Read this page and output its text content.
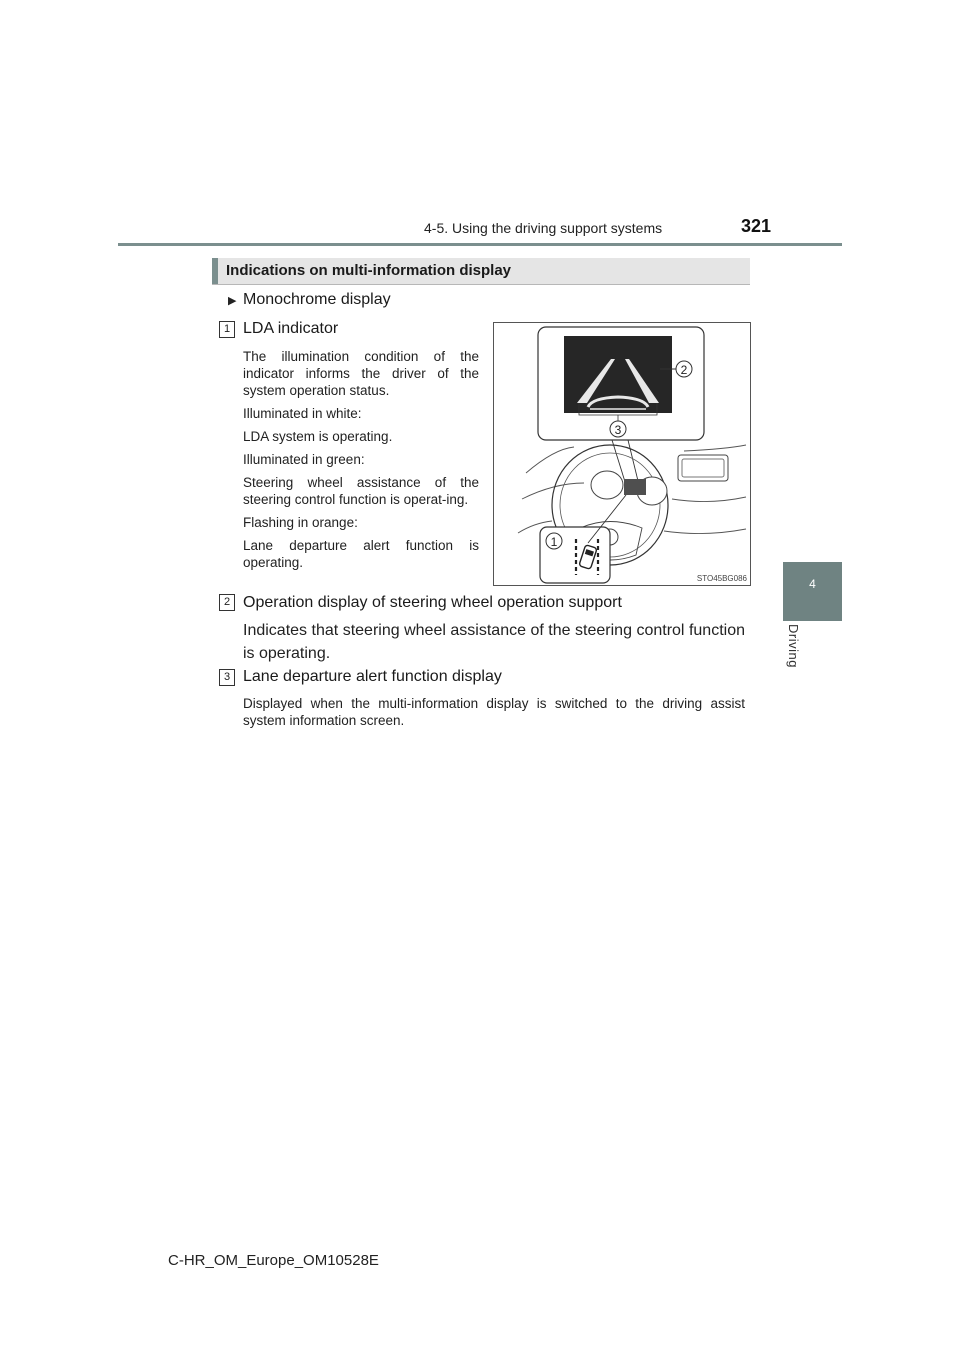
4-5. Using the driving support systems	321
4
Driving
Indications on multi-information display
▶ Monochrome display
1 LDA indicator

The illumination condition of the indicator informs the driver of the system operation status.

Illuminated in white:

LDA system is operating.

Illuminated in green:

Steering wheel assistance of the steering control function is operat-ing.

Flashing in orange:

Lane departure alert function is operating.

2
3
1
STO45BG086
2 Operation display of steering wheel operation support

Indicates that steering wheel assistance of the steering control function is operating.

3 Lane departure alert function display

Displayed when the multi-information display is switched to the driving assist system information screen.

C-HR_OM_Europe_OM10528E
